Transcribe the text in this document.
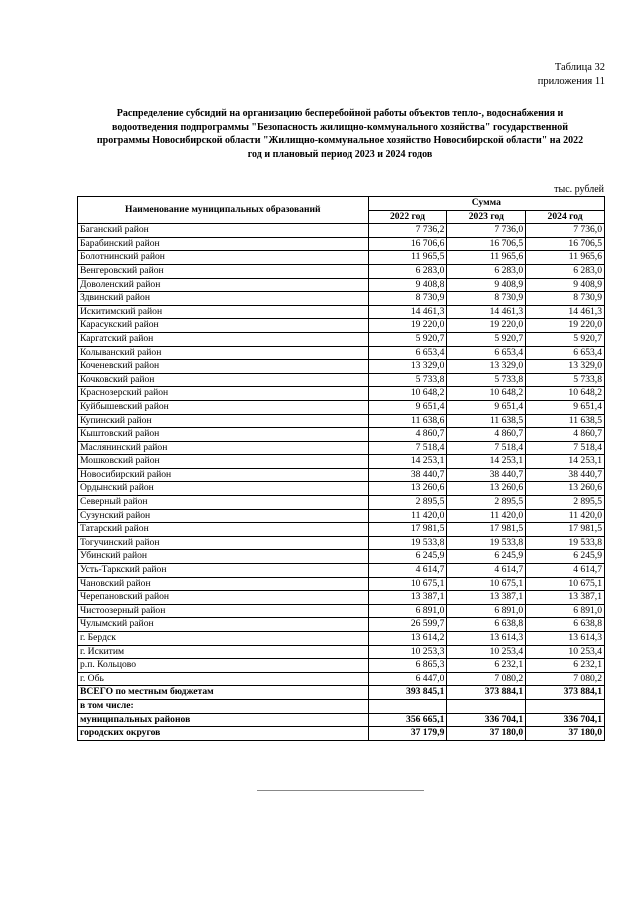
Таблица 32
приложения 11
Распределение субсидий на организацию бесперебойной работы объектов тепло-, водоснабжения и водоотведения подпрограммы "Безопасность жилищно-коммунального хозяйства" государственной программы Новосибирской области "Жилищно-коммунальное хозяйство Новосибирской области" на 2022 год и плановый период 2023 и 2024 годов
тыс. рублей
Наименование муниципальных образований	Сумма		
	2022 год	2023 год	2024 год
Баганский район	7 736,2	7 736,0	7 736,0
Барабинский район	16 706,6	16 706,5	16 706,5
Болотнинский район	11 965,5	11 965,6	11 965,6
Венгеровский район	6 283,0	6 283,0	6 283,0
Доволенский район	9 408,8	9 408,9	9 408,9
Здвинский район	8 730,9	8 730,9	8 730,9
Искитимский район	14 461,3	14 461,3	14 461,3
Карасукский район	19 220,0	19 220,0	19 220,0
Каргатский район	5 920,7	5 920,7	5 920,7
Колыванский район	6 653,4	6 653,4	6 653,4
Коченевский район	13 329,0	13 329,0	13 329,0
Кочковский район	5 733,8	5 733,8	5 733,8
Краснозерский район	10 648,2	10 648,2	10 648,2
Куйбышевский район	9 651,4	9 651,4	9 651,4
Купинский район	11 638,6	11 638,5	11 638,5
Кыштовский район	4 860,7	4 860,7	4 860,7
Маслянинский район	7 518,4	7 518,4	7 518,4
Мошковский район	14 253,1	14 253,1	14 253,1
Новосибирский район	38 440,7	38 440,7	38 440,7
Ордынский район	13 260,6	13 260,6	13 260,6
Северный район	2 895,5	2 895,5	2 895,5
Сузунский район	11 420,0	11 420,0	11 420,0
Татарский район	17 981,5	17 981,5	17 981,5
Тогучинский район	19 533,8	19 533,8	19 533,8
Убинский район	6 245,9	6 245,9	6 245,9
Усть-Таркский район	4 614,7	4 614,7	4 614,7
Чановский район	10 675,1	10 675,1	10 675,1
Черепановский район	13 387,1	13 387,1	13 387,1
Чистоозерный район	6 891,0	6 891,0	6 891,0
Чулымский район	26 599,7	6 638,8	6 638,8
г. Бердск	13 614,2	13 614,3	13 614,3
г. Искитим	10 253,3	10 253,4	10 253,4
р.п. Кольцово	6 865,3	6 232,1	6 232,1
г. Обь	6 447,0	7 080,2	7 080,2
ВСЕГО по местным бюджетам	393 845,1	373 884,1	373 884,1
в том числе:			
муниципальных районов	356 665,1	336 704,1	336 704,1
городских округов	37 179,9	37 180,0	37 180,0
